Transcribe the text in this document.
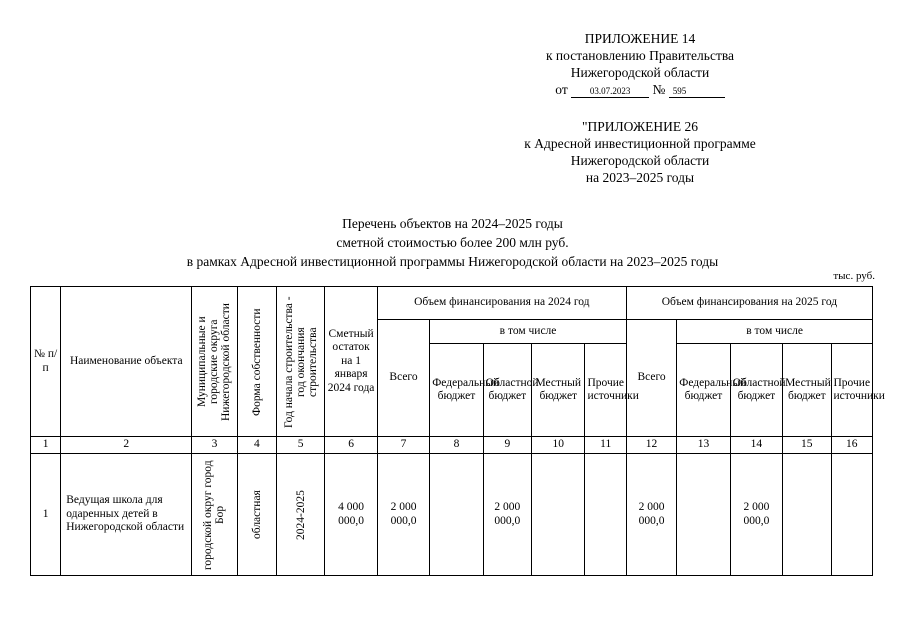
ПРИЛОЖЕНИЕ 14
к постановлению Правительства
Нижегородской области
от 03.07.2023 № 595
"ПРИЛОЖЕНИЕ 26
к Адресной инвестиционной программе
Нижегородской области
на 2023–2025 годы
Перечень объектов на 2024–2025 годы
сметной стоимостью более 200 млн руб.
в рамках Адресной инвестиционной программы Нижегородской области на 2023–2025 годы
тыс. руб.
№ п/п	Наименование объекта	Муниципальные и городские округа Нижегородской области	Форма собственности	Год начала строительства - год окончания строительства	Сметный остаток на 1 января 2024 года	Объем финансирования на 2024 год					Объем финансирования на 2025 год				
						Всего	в том числе				Всего	в том числе			
							Федеральный бюджет	Областной бюджет	Местный бюджет	Прочие источники		Федеральный бюджет	Областной бюджет	Местный бюджет	Прочие источники
1	2	3	4	5	6	7	8	9	10	11	12	13	14	15	16
1	Ведущая школа для одаренных детей в Нижегородской области	городской округ город Бор	областная	2024-2025	4 000 000,0	2 000 000,0		2 000 000,0			2 000 000,0		2 000 000,0		
